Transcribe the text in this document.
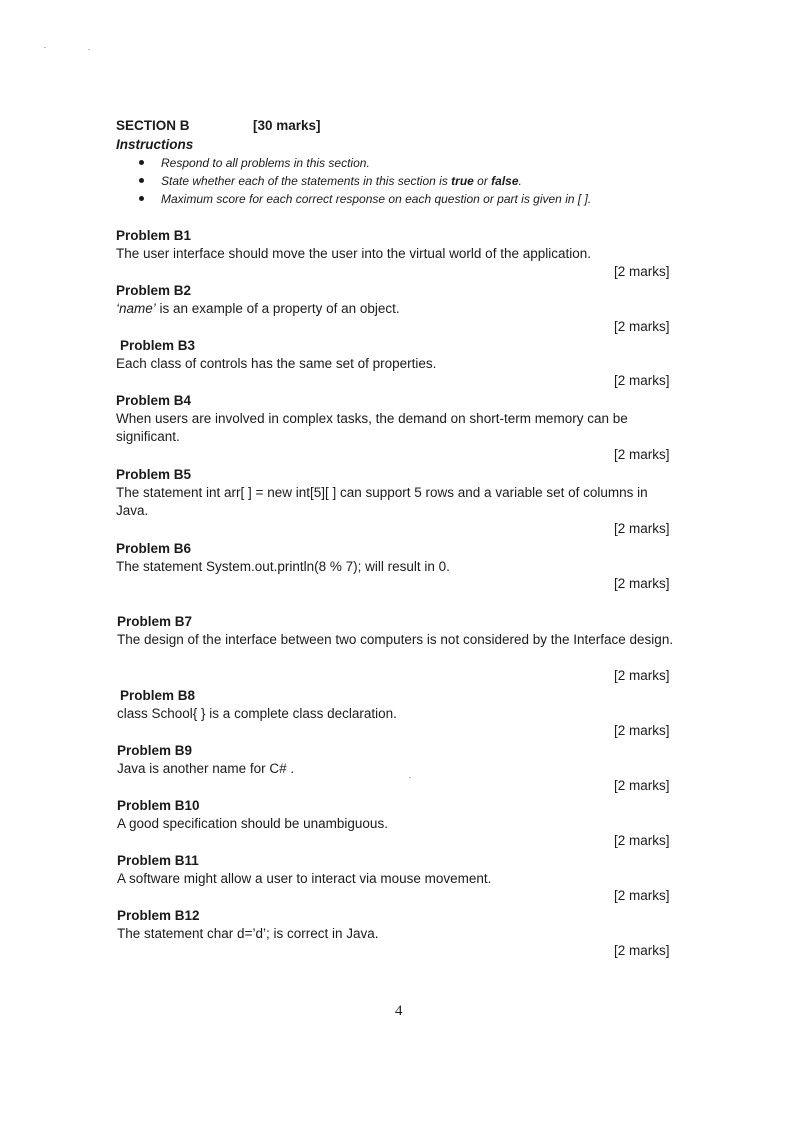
SECTION B	[30 marks]
Instructions
Respond to all problems in this section.
State whether each of the statements in this section is true or false.
Maximum score for each correct response on each question or part is given in [ ].
Problem B1
The user interface should move the user into the virtual world of the application.
[2 marks]
Problem B2
‘name’ is an example of a property of an object.
[2 marks]
Problem B3
Each class of controls has the same set of properties.
[2 marks]
Problem B4
When users are involved in complex tasks, the demand on short-term memory can be significant.
[2 marks]
Problem B5
The statement int arr[ ] = new int[5][ ] can support 5 rows and a variable set of columns in Java.
[2 marks]
Problem B6
The statement System.out.println(8 % 7); will result in 0.
[2 marks]
Problem B7
The design of the interface between two computers is not considered by the Interface design.
[2 marks]
Problem B8
class School{ } is a complete class declaration.
[2 marks]
Problem B9
Java is another name for C# .
[2 marks]
Problem B10
A good specification should be unambiguous.
[2 marks]
Problem B11
A software might allow a user to interact via mouse movement.
[2 marks]
Problem B12
The statement char d=’d’; is correct in Java.
[2 marks]
4
